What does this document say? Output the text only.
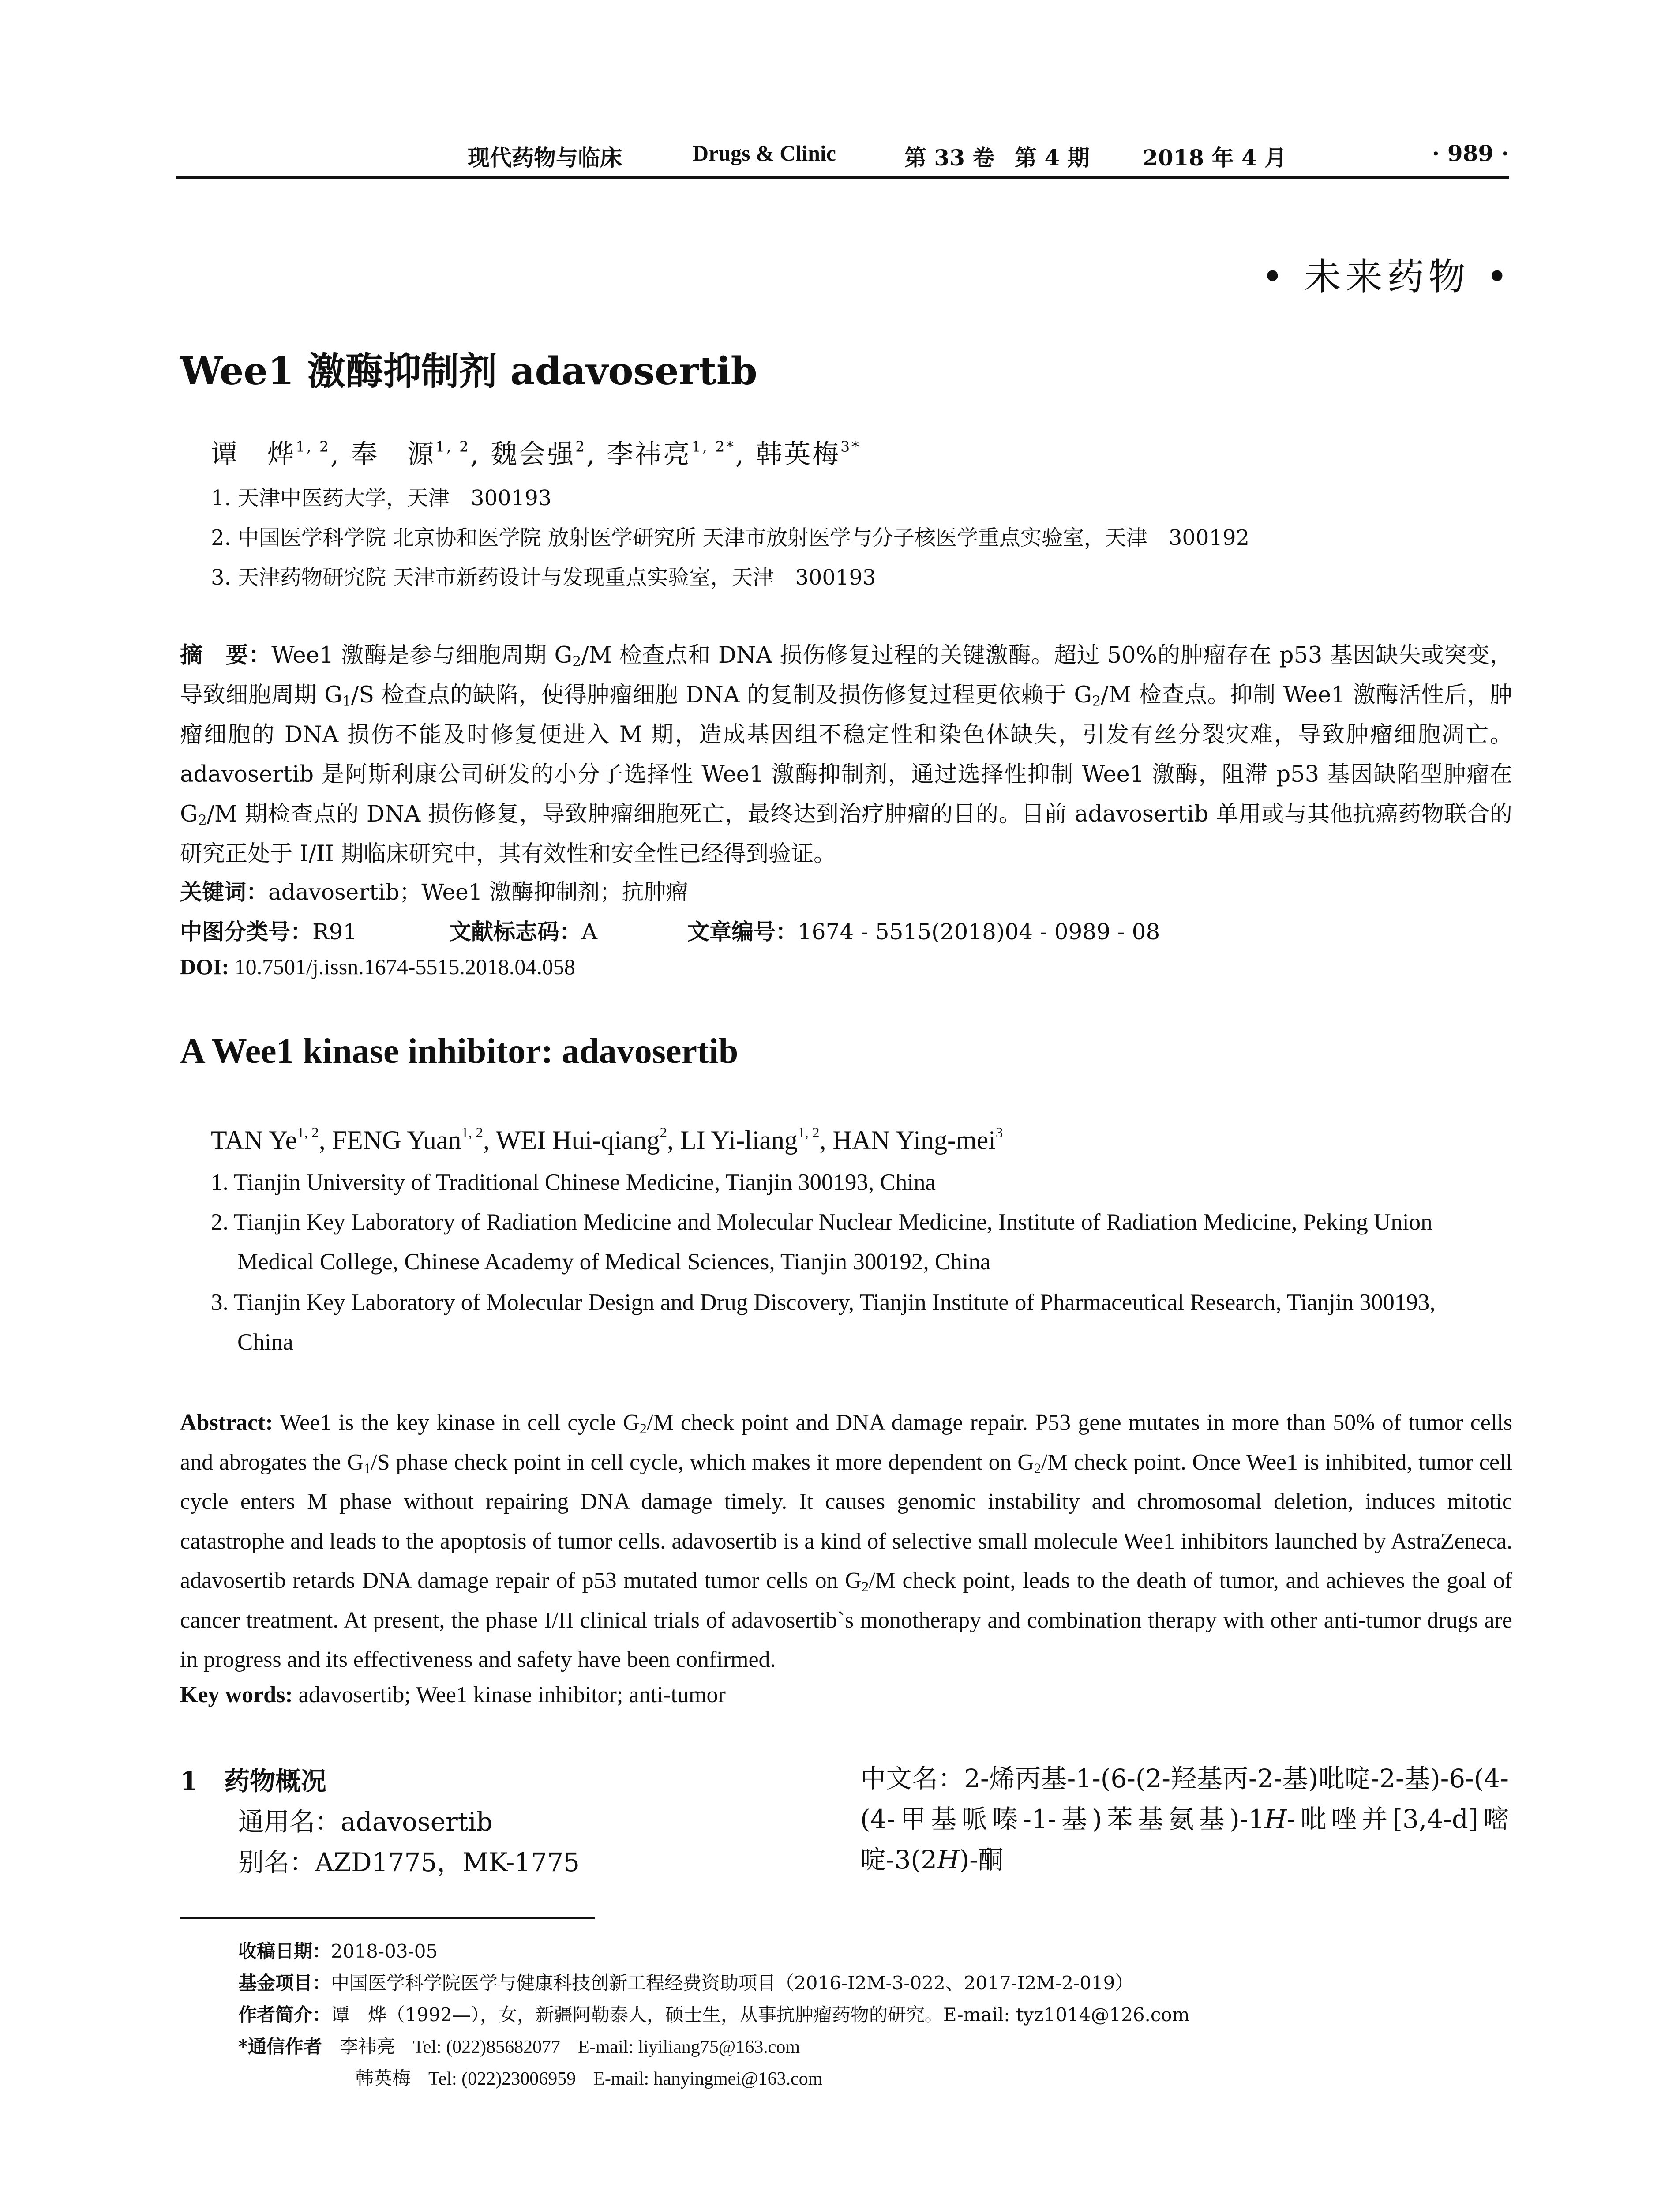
现代药物与临床	Drugs & Clinic	第 33 卷 第 4 期 2018 年 4 月	· 989 ·
• 未来药物 •
Wee1 激酶抑制剂 adavosertib
谭　烨$^{1, 2}$, 奉　源$^{1, 2}$, 魏会强$^2$, 李祎亮$^{1, 2*}$, 韩英梅$^{3*}$
1. 天津中医药大学，天津　300193
2. 中国医学科学院 北京协和医学院 放射医学研究所 天津市放射医学与分子核医学重点实验室，天津　300192
3. 天津药物研究院 天津市新药设计与发现重点实验室，天津　300193
摘　要：Wee1 激酶是参与细胞周期 $G_2/M$ 检查点和 DNA 损伤修复过程的关键激酶。超过 50%的肿瘤存在 p53 基因缺失或突变，导致细胞周期 $G_1/S$ 检查点的缺陷，使得肿瘤细胞 DNA 的复制及损伤修复过程更依赖于 $G_2/M$ 检查点。抑制 Wee1 激酶活性后，肿瘤细胞的 DNA 损伤不能及时修复便进入 M 期，造成基因组不稳定性和染色体缺失，引发有丝分裂灾难，导致肿瘤细胞凋亡。adavosertib 是阿斯利康公司研发的小分子选择性 Wee1 激酶抑制剂，通过选择性抑制 Wee1 激酶，阻滞 p53 基因缺陷型肿瘤在 $G_2/M$ 期检查点的 DNA 损伤修复，导致肿瘤细胞死亡，最终达到治疗肿瘤的目的。目前 adavosertib 单用或与其他抗癌药物联合的研究正处于 I/II 期临床研究中，其有效性和安全性已经得到验证。
关键词：adavosertib；Wee1 激酶抑制剂；抗肿瘤
中图分类号：R91	文献标志码：A	文章编号：1674 - 5515(2018)04 - 0989 - 08
DOI: 10.7501/j.issn.1674-5515.2018.04.058
A Wee1 kinase inhibitor: adavosertib
TAN Ye$^{1, 2}$, FENG Yuan$^{1, 2}$, WEI Hui-qiang$^2$, LI Yi-liang$^{1, 2}$, HAN Ying-mei$^3$
1. Tianjin University of Traditional Chinese Medicine, Tianjin 300193, China
2. Tianjin Key Laboratory of Radiation Medicine and Molecular Nuclear Medicine, Institute of Radiation Medicine, Peking Union
Medical College, Chinese Academy of Medical Sciences, Tianjin 300192, China
3. Tianjin Key Laboratory of Molecular Design and Drug Discovery, Tianjin Institute of Pharmaceutical Research, Tianjin 300193,
China
Abstract: Wee1 is the key kinase in cell cycle $G_2/M$ check point and DNA damage repair. P53 gene mutates in more than 50% of tumor cells and abrogates the $G_1/S$ phase check point in cell cycle, which makes it more dependent on $G_2/M$ check point. Once Wee1 is inhibited, tumor cell cycle enters M phase without repairing DNA damage timely. It causes genomic instability and chromosomal deletion, induces mitotic catastrophe and leads to the apoptosis of tumor cells. adavosertib is a kind of selective small molecule Wee1 inhibitors launched by AstraZeneca. adavosertib retards DNA damage repair of p53 mutated tumor cells on $G_2/M$ check point, leads to the death of tumor, and achieves the goal of cancer treatment. At present, the phase I/II clinical trials of adavosertib`s monotherapy and combination therapy with other anti-tumor drugs are in progress and its effectiveness and safety have been confirmed.
Key words: adavosertib; Wee1 kinase inhibitor; anti-tumor
1 药物概况
通用名：adavosertib
别名：AZD1775，MK-1775
中文名：2-烯丙基-1-(6-(2-羟基丙-2-基)吡啶-2-基)-6-(4-(4-甲基哌嗪-1-基)苯基氨基)-1H-吡唑并[3,4-d]嘧啶-3(2H)-酮
收稿日期：2018-03-05
基金项目：中国医学科学院医学与健康科技创新工程经费资助项目（2016-I2M-3-022、2017-I2M-2-019）
作者简介：谭　烨（1992—），女，新疆阿勒泰人，硕士生，从事抗肿瘤药物的研究。E-mail: tyz1014@126.com
*通信作者 李祎亮 Tel: (022)85682077 E-mail: liyiliang75@163.com
韩英梅 Tel: (022)23006959 E-mail: hanyingmei@163.com
